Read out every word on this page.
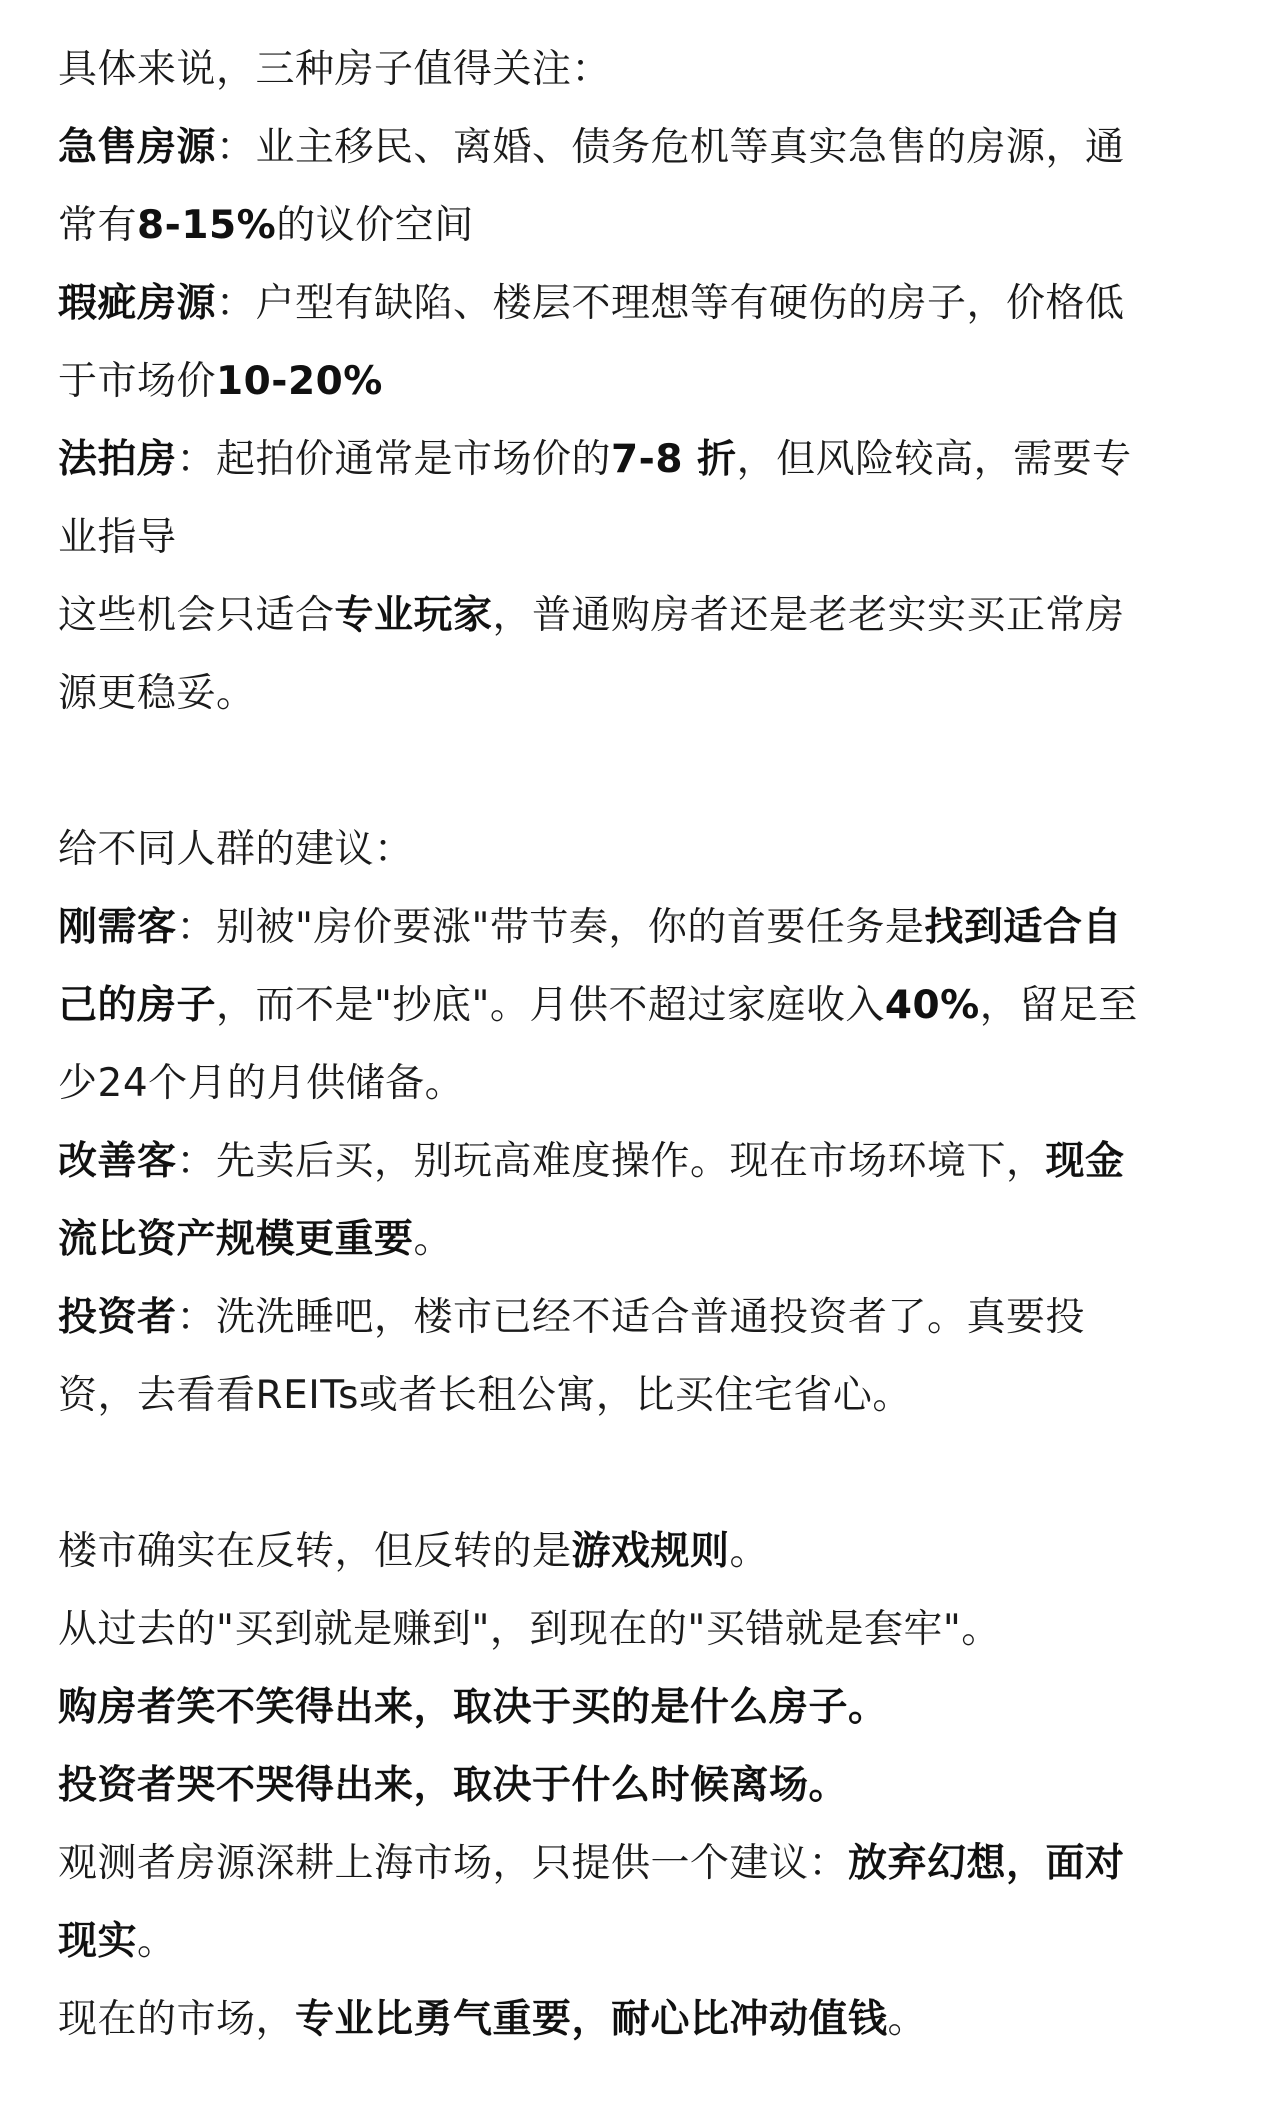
具体来说，三种房子值得关注：
急售房源：业主移民、离婚、债务危机等真实急售的房源，通
常有8-15%的议价空间
瑕疵房源：户型有缺陷、楼层不理想等有硬伤的房子，价格低
于市场价10-20%
法拍房：起拍价通常是市场价的7-8 折，但风险较高，需要专
业指导
这些机会只适合专业玩家，普通购房者还是老老实实买正常房
源更稳妥。
给不同人群的建议：
刚需客：别被"房价要涨"带节奏，你的首要任务是找到适合自
己的房子，而不是"抄底"。月供不超过家庭收入40%，留足至
少24个月的月供储备。
改善客：先卖后买，别玩高难度操作。现在市场环境下，现金
流比资产规模更重要。
投资者：洗洗睡吧，楼市已经不适合普通投资者了。真要投
资，去看看REITs或者长租公寓，比买住宅省心。
楼市确实在反转，但反转的是游戏规则。
从过去的"买到就是赚到"，到现在的"买错就是套牢"。
购房者笑不笑得出来，取决于买的是什么房子。
投资者哭不哭得出来，取决于什么时候离场。
观测者房源深耕上海市场，只提供一个建议：放弃幻想，面对
现实。
现在的市场，专业比勇气重要，耐心比冲动值钱。
